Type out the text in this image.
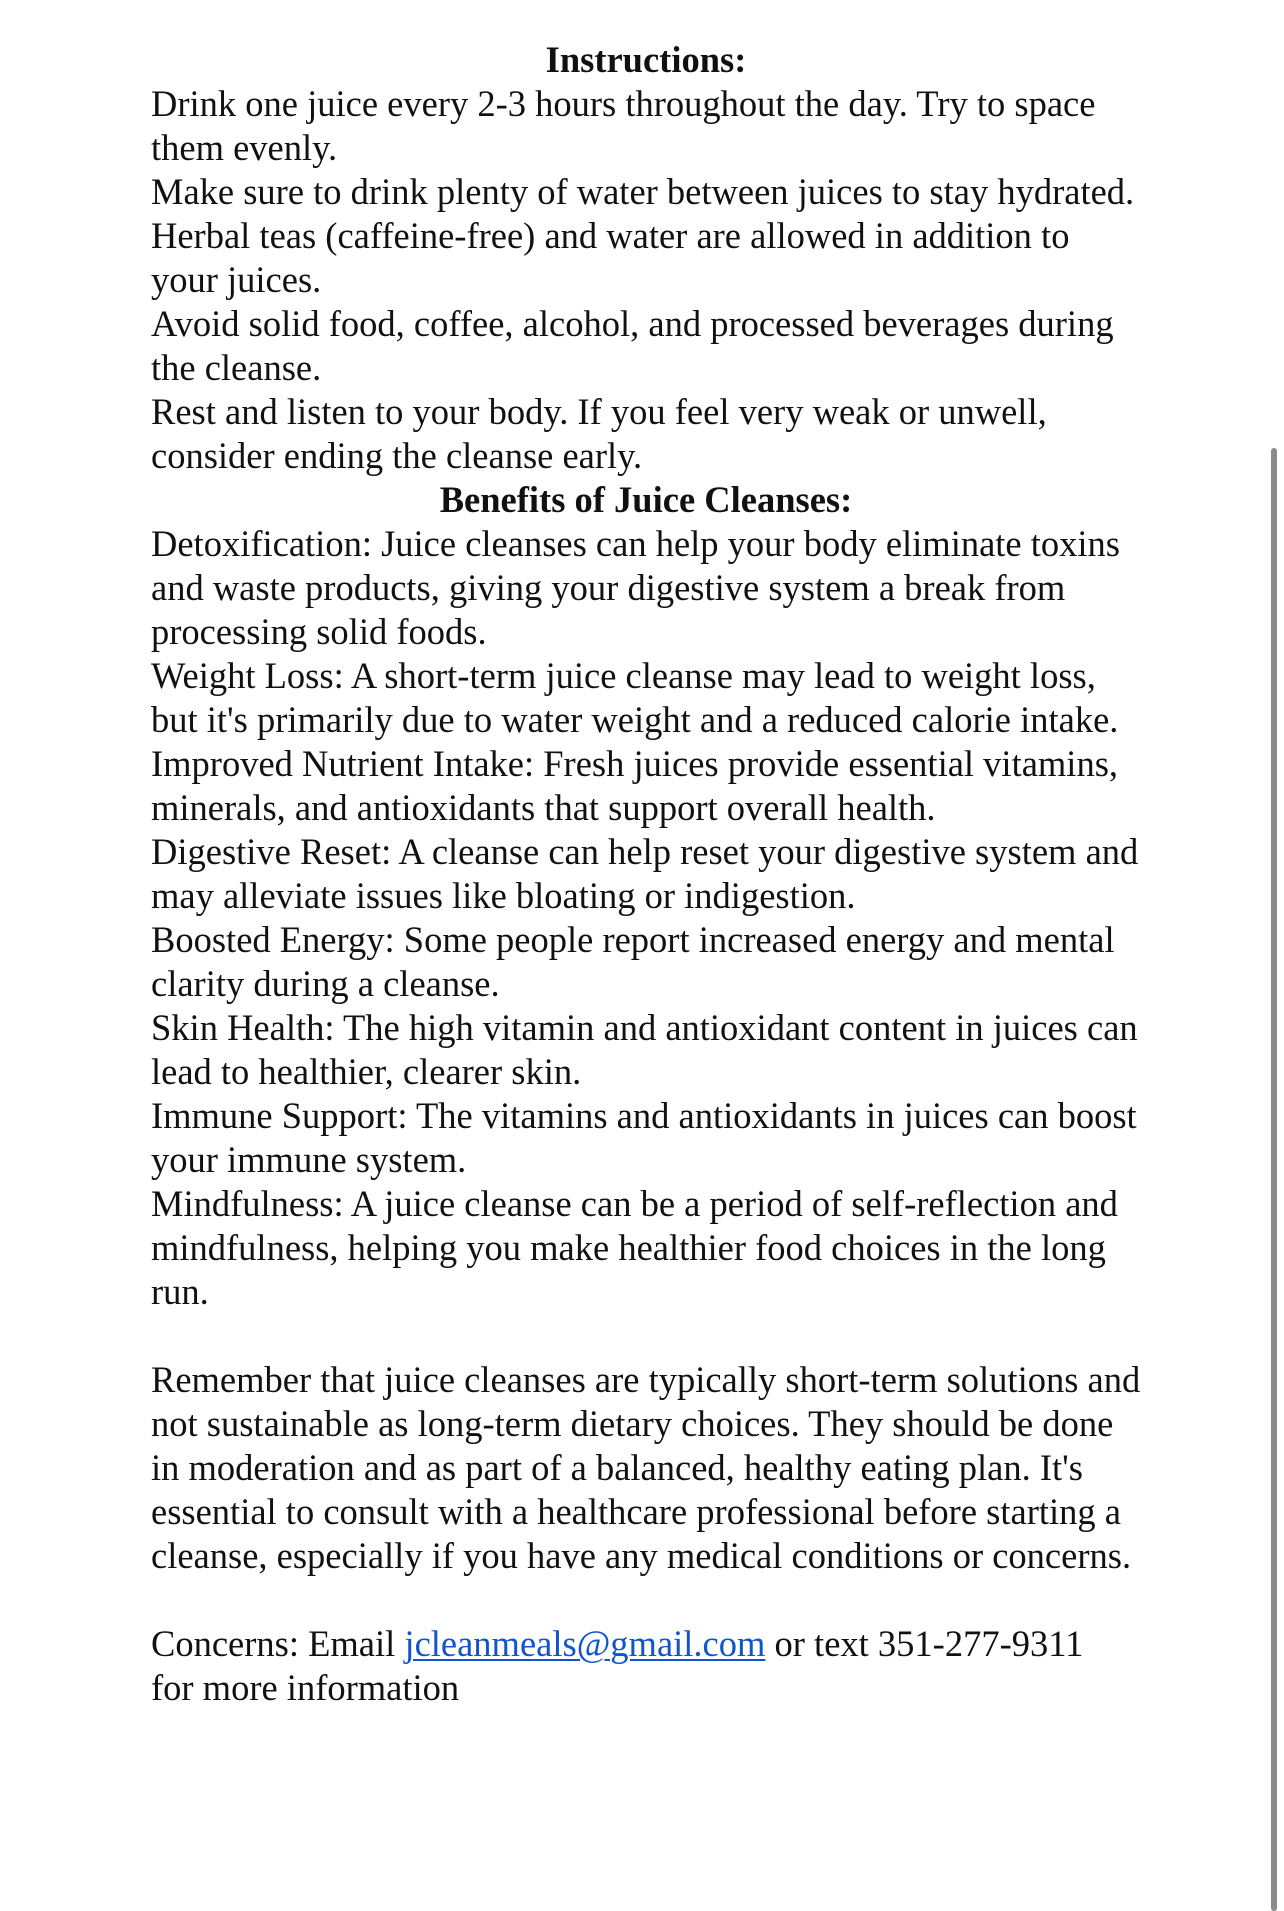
Instructions:

Drink one juice every 2-3 hours throughout the day. Try to space them evenly.

Make sure to drink plenty of water between juices to stay hydrated.

Herbal teas (caffeine-free) and water are allowed in addition to your juices.

Avoid solid food, coffee, alcohol, and processed beverages during the cleanse.

Rest and listen to your body. If you feel very weak or unwell, consider ending the cleanse early.

Benefits of Juice Cleanses:

Detoxification: Juice cleanses can help your body eliminate toxins and waste products, giving your digestive system a break from processing solid foods.

Weight Loss: A short-term juice cleanse may lead to weight loss, but it's primarily due to water weight and a reduced calorie intake.

Improved Nutrient Intake: Fresh juices provide essential vitamins, minerals, and antioxidants that support overall health.

Digestive Reset: A cleanse can help reset your digestive system and may alleviate issues like bloating or indigestion.

Boosted Energy: Some people report increased energy and mental clarity during a cleanse.

Skin Health: The high vitamin and antioxidant content in juices can lead to healthier, clearer skin.

Immune Support: The vitamins and antioxidants in juices can boost your immune system.

Mindfulness: A juice cleanse can be a period of self-reflection and mindfulness, helping you make healthier food choices in the long run.

Remember that juice cleanses are typically short-term solutions and not sustainable as long-term dietary choices. They should be done in moderation and as part of a balanced, healthy eating plan. It's essential to consult with a healthcare professional before starting a cleanse, especially if you have any medical conditions or concerns.

Concerns: Email jcleanmeals@gmail.com or text 351-277-9311
for more information
